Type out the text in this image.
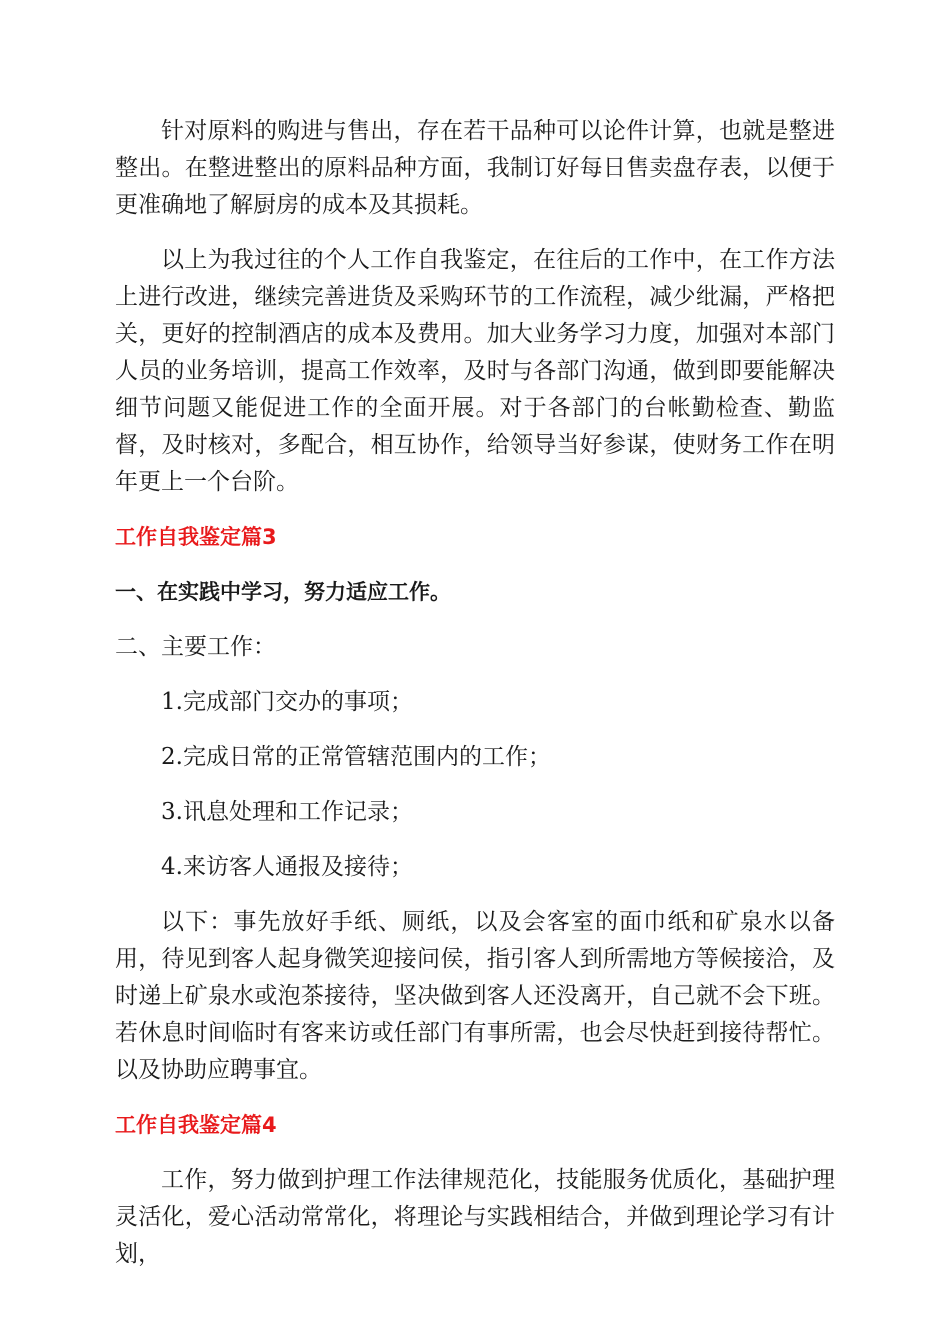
针对原料的购进与售出，存在若干品种可以论件计算，也就是整进整出。在整进整出的原料品种方面，我制订好每日售卖盘存表，以便于更准确地了解厨房的成本及其损耗。

以上为我过往的个人工作自我鉴定，在往后的工作中，在工作方法上进行改进，继续完善进货及采购环节的工作流程，减少纰漏，严格把关，更好的控制酒店的成本及费用。加大业务学习力度，加强对本部门人员的业务培训，提高工作效率，及时与各部门沟通，做到即要能解决细节问题又能促进工作的全面开展。对于各部门的台帐勤检查、勤监督，及时核对，多配合，相互协作，给领导当好参谋，使财务工作在明年更上一个台阶。

工作自我鉴定篇3

一、在实践中学习，努力适应工作。

二、主要工作：

1.完成部门交办的事项；

2.完成日常的正常管辖范围内的工作；

3.讯息处理和工作记录；

4.来访客人通报及接待；

以下：事先放好手纸、厕纸，以及会客室的面巾纸和矿泉水以备用，待见到客人起身微笑迎接问侯，指引客人到所需地方等候接洽，及时递上矿泉水或泡茶接待，坚决做到客人还没离开，自己就不会下班。若休息时间临时有客来访或任部门有事所需，也会尽快赶到接待帮忙。以及协助应聘事宜。

工作自我鉴定篇4

工作，努力做到护理工作法律规范化，技能服务优质化，基础护理灵活化，爱心活动常常化，将理论与实践相结合，并做到理论学习有计划，
